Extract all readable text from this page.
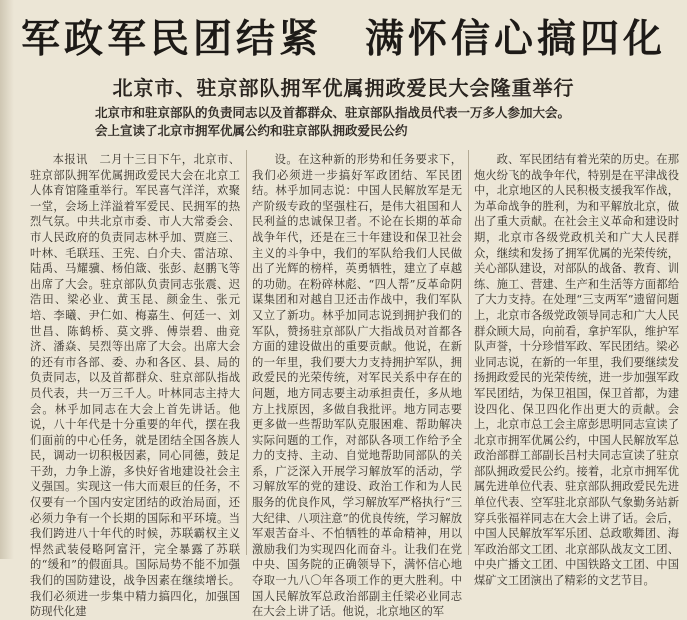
军政军民团结紧　满怀信心搞四化
北京市、驻京部队拥军优属拥政爱民大会隆重举行
北京市和驻京部队的负责同志以及首都群众、驻京部队指战员代表一万多人参加大会。
会上宣读了北京市拥军优属公约和驻京部队拥政爱民公约

本报讯　二月十三日下午，北京市、驻京部队拥军优属拥政爱民大会在北京工人体育馆隆重举行。军民喜气洋洋，欢聚一堂，会场上洋溢着军爱民、民拥军的热烈气氛。中共北京市委、市人大常委会、市人民政府的负责同志林乎加、贾庭三、叶林、毛联珏、王宪、白介夫、雷洁琼、陆禹、马耀骥、杨伯箴、张彭、赵鹏飞等出席了大会。驻京部队负责同志张震、迟浩田、梁必业、黄玉昆、颜金生、张元培、李曦、尹仁如、梅嘉生、何廷一、刘世昌、陈鹤桥、莫文骅、傅崇碧、曲竞济、潘焱、吴烈等出席了大会。出席大会的还有市各部、委、办和各区、县、局的负责同志，以及首都群众、驻京部队指战员代表，共一万三千人。叶林同志主持大会。林乎加同志在大会上首先讲话。他说，八十年代是十分重要的年代，摆在我们面前的中心任务，就是团结全国各族人民，调动一切积极因素，同心同德，鼓足干劲，力争上游，多快好省地建设社会主义强国。实现这一伟大而艰巨的任务，不仅要有一个国内安定团结的政治局面，还必须力争有一个长期的国际和平环境。当我们跨进八十年代的时候，苏联霸权主义悍然武装侵略阿富汗，完全暴露了苏联的“缓和”的假面具。国际局势不能不加强我们的国防建设，战争因素在继续增长。我们必须进一步集中精力搞四化，加强国防现代化建

设。在这种新的形势和任务要求下，我们必须进一步搞好军政团结、军民团结。林乎加同志说：中国人民解放军是无产阶级专政的坚强柱石，是伟大祖国和人民利益的忠诚保卫者。不论在长期的革命战争年代，还是在三十年建设和保卫社会主义的斗争中，我们的军队给我们人民做出了光辉的榜样，英勇牺牲，建立了卓越的功勋。在粉碎林彪、“四人帮”反革命阴谋集团和对越自卫还击作战中，我们军队又立了新功。林乎加同志说到拥护我们的军队，赞扬驻京部队广大指战员对首都各方面的建设做出的重要贡献。他说，在新的一年里，我们要大力支持拥护军队，拥政爱民的光荣传统，对军民关系中存在的问题，地方同志要主动承担责任，多从地方上找原因，多做自我批评。地方同志要更多做一些帮助军队克服困难、帮助解决实际问题的工作，对部队各项工作给予全力的支持、主动、自觉地帮助同部队的关系，广泛深入开展学习解放军的活动，学习解放军的党的建设、政治工作和为人民服务的优良作风，学习解放军严格执行“三大纪律、八项注意”的优良传统，学习解放军艰苦奋斗、不怕牺牲的革命精神，用以激励我们为实现四化而奋斗。让我们在党中央、国务院的正确领导下，满怀信心地夺取一九八〇年各项工作的更大胜利。中国人民解放军总政治部副主任梁必业同志在大会上讲了话。他说，北京地区的军

政、军民团结有着光荣的历史。在那炮火纷飞的战争年代，特别是在平津战役中，北京地区的人民积极支援我军作战，为革命战争的胜利，为和平解放北京，做出了重大贡献。在社会主义革命和建设时期，北京市各级党政机关和广大人民群众，继续和发扬了拥军优属的光荣传统，关心部队建设，对部队的战备、教育、训练、施工、营建、生产和生活等方面都给了大力支持。在处理“三支两军”遗留问题上，北京市各级党政领导同志和广大人民群众顾大局，向前看，拿护军队，维护军队声誉，十分珍惜军政、军民团结。梁必业同志说，在新的一年里，我们要继续发扬拥政爱民的光荣传统，进一步加强军政军民团结，为保卫祖国，保卫首都，为建设四化、保卫四化作出更大的贡献。会上，北京市总工会主席彭思明同志宣读了北京市拥军优属公约，中国人民解放军总政治部群工部副长吕村夫同志宣读了驻京部队拥政爱民公约。接着，北京市拥军优属先进单位代表、驻京部队拥政爱民先进单位代表、空军驻北京部队气象勤务站新穿兵张福祥同志在大会上讲了话。会后，中国人民解放军军乐团、总政歌舞团、海军政治部文工团、北京部队战友文工团、中央广播文工团、中国铁路文工团、中国煤矿文工团演出了精彩的文艺节目。
